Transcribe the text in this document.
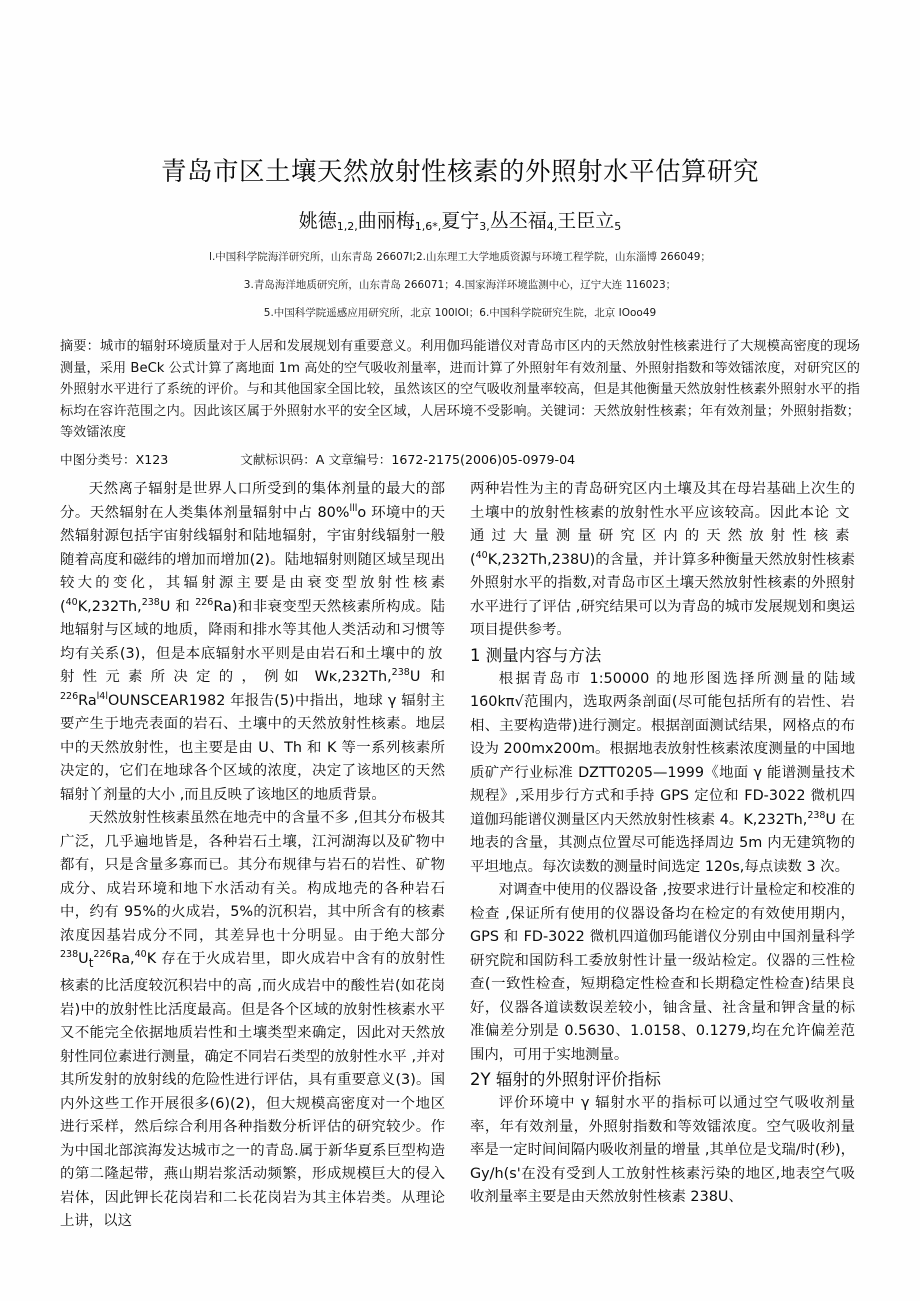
青岛市区土壤天然放射性核素的外照射水平估算研究
姚德1,2,曲丽梅1,6*,夏宁3,丛丕福4,王臣立5
l.中国科学院海洋研究所，山东青岛 26607l;2.山东理工大学地质资源与环境工程学院，山东淄博 266049；
3.青岛海洋地质研究所，山东青岛 266071；4.国家海洋环境监测中心，辽宁大连 116023；
5.中国科学院遥感应用研究所，北京 100lOl；6.中国科学院研究生院，北京 IOoo49
摘要：城市的辐射环境质量对于人居和发展规划有重要意义。利用伽玛能谱仪对青岛市区内的天然放射性核素进行了大规模高密度的现场测量，采用 BeCk 公式计算了离地面 1m 高处的空气吸收剂量率，进而计算了外照射年有效剂量、外照射指数和等效镭浓度，对研究区的外照射水平进行了系统的评价。与和其他国家全国比较，虽然该区的空气吸收剂量率较高，但是其他衡量天然放射性核素外照射水平的指标均在容许范围之内。因此该区属于外照射水平的安全区域，人居环境不受影响。关键词：天然放射性核素；年有效剂量；外照射指数；等效镭浓度
中图分类号：X123	文献标识码：A 文章编号：1672-2175(2006)05-0979-04

天然离子辐射是世界人口所受到的集体剂量的最大的部分。天然辐射在人类集体剂量辐射中占 80%$^{lll}$o 环境中的天然辐射源包括宇宙射线辐射和陆地辐射，宇宙射线辐射一般随着高度和磁纬的增加而增加(2)。陆地辐射则随区域呈现出较大的变化，其辐射源主要是由衰变型放射性核素($^{40}$K,232Th,$^{238}$U 和 $^{226}$Ra)和非衰变型天然核素所构成。陆地辐射与区域的地质，降雨和排水等其他人类活动和习惯等均有关系(3)，但是本底辐射水平则是由岩石和土壤中的放射性元素所决定的，例如 Wĸ,232Th,$^{238}$U 和 $^{226}Ra^{l4l}OUNSCEAR1982$ 年报告(5)中指出，地球 γ 辐射主要产生于地壳表面的岩石、土壤中的天然放射性核素。地层中的天然放射性，也主要是由 U、Th 和 K 等一系列核素所决定的，它们在地球各个区域的浓度，决定了该地区的天然辐射丫剂量的大小 ,而且反映了该地区的地质背景。

天然放射性核素虽然在地壳中的含量不多 ,但其分布极其广泛，几乎遍地皆是，各种岩石土壤，江河湖海以及矿物中都有，只是含量多寡而已。其分布规律与岩石的岩性、矿物成分、成岩环境和地下水活动有关。构成地壳的各种岩石中，约有 95%的火成岩，5%的沉积岩，其中所含有的核素浓度因基岩成分不同，其差异也十分明显。由于绝大部分 $^{238}U_t^{226}Ra,^{40}K$ 存在于火成岩里，即火成岩中含有的放射性核素的比活度较沉积岩中的高 ,而火成岩中的酸性岩(如花岗岩)中的放射性比活度最高。但是各个区域的放射性核素水平又不能完全依据地质岩性和土壤类型来确定，因此对天然放射性同位素进行测量，确定不同岩石类型的放射性水平 ,并对其所发射的放射线的危险性进行评估，具有重要意义(3)。国内外这些工作开展很多(6)(2)，但大规模高密度对一个地区进行采样，然后综合利用各种指数分析评估的研究较少。作为中国北部滨海发达城市之一的青岛.属于新华夏系巨型构造的第二隆起带，燕山期岩浆活动频繁，形成规模巨大的侵入岩体，因此钾长花岗岩和二长花岗岩为其主体岩类。从理论上讲，以这

两种岩性为主的青岛研究区内土壤及其在母岩基础上次生的土壤中的放射性核素的放射性水平应该较高。因此本论文通过大量测量研究区内的天然放射性核素($^{40}$K,232Th,238U)的含量，并计算多种衡量天然放射性核素外照射水平的指数,对青岛市区土壤天然放射性核素的外照射水平进行了评估 ,研究结果可以为青岛的城市发展规划和奥运项目提供参考。

1 测量内容与方法

根据青岛市 1:50000 的地形图选择所测量的陆域 160kπ√范围内，选取两条剖面(尽可能包括所有的岩性、岩相、主要构造带)进行测定。根据剖面测试结果，网格点的布设为 200mx200m。根据地表放射性核素浓度测量的中国地质矿产行业标准 DZTT0205—1999《地面 γ 能谱测量技术规程》,采用步行方式和手持 GPS 定位和 FD-3022 微机四道伽玛能谱仪测量区内天然放射性核素 4。K,232Th,$^{238}$U 在地表的含量，其测点位置尽可能选择周边 5m 内无建筑物的平坦地点。每次读数的测量时间选定 120s,每点读数 3 次。

对调查中使用的仪器设备 ,按要求进行计量检定和校准的检查 ,保证所有使用的仪器设备均在检定的有效使用期内，GPS 和 FD-3022 微机四道伽玛能谱仪分别由中国剂量科学研究院和国防科工委放射性计量一级站检定。仪器的三性检查(一致性检查，短期稳定性检查和长期稳定性检查)结果良好，仪器各道读数误差较小，铀含量、社含量和钾含量的标准偏差分别是 0.5630、1.0158、0.1279,均在允许偏差范围内，可用于实地测量。

2Y 辐射的外照射评价指标

评价环境中 γ 辐射水平的指标可以通过空气吸收剂量率，年有效剂量，外照射指数和等效镭浓度。空气吸收剂量率是一定时间间隔内吸收剂量的增量 ,其单位是戈瑞/时(秒)，Gy/h(s'在没有受到人工放射性核素污染的地区,地表空气吸收剂量率主要是由天然放射性核素 238U、
